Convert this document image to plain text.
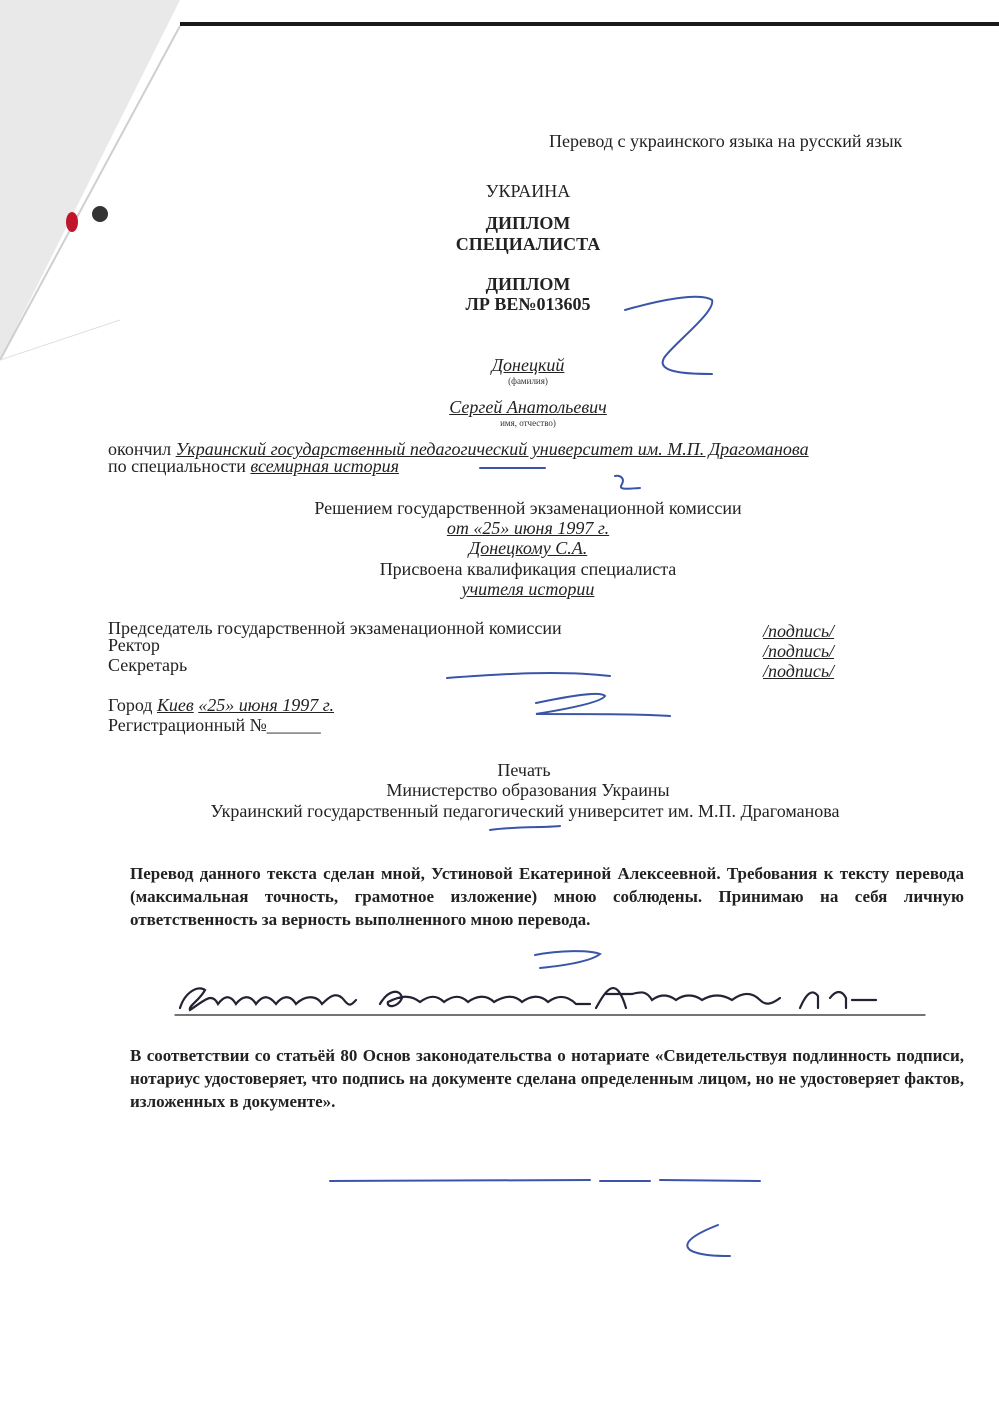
Перевод с украинского языка на русский язык
УКРАИНА
ДИПЛОМ
СПЕЦИАЛИСТА
ДИПЛОМ
ЛР ВЕ№013605
Донецкий
(фамилия)
Сергей Анатольевич
имя, отчество)
окончил Украинский государственный педагогический университет им. М.П. Драгоманова
по специальности всемирная история
Решением государственной экзаменационной комиссии
от «25» июня 1997 г.
Донецкому С.А.
Присвоена квалификация специалиста
учителя истории
Председатель государственной экзаменационной комиссии
Ректор
Секретарь
/подпись/
/подпись/
/подпись/
Город Киев «25» июня 1997 г.
Регистрационный №______
Печать
Министерство образования Украины
Украинский государственный педагогический университет им. М.П. Драгоманова
Перевод данного текста сделан мной, Устиновой Екатериной Алексеевной. Требования к тексту перевода (максимальная точность, грамотное изложение) мною соблюдены. Принимаю на себя личную ответственность за верность выполненного мною перевода.
В соответствии со статьёй 80 Основ законодательства о нотариате «Свидетельствуя подлинность подписи, нотариус удостоверяет, что подпись на документе сделана определенным лицом, но не удостоверяет фактов, изложенных в документе».
